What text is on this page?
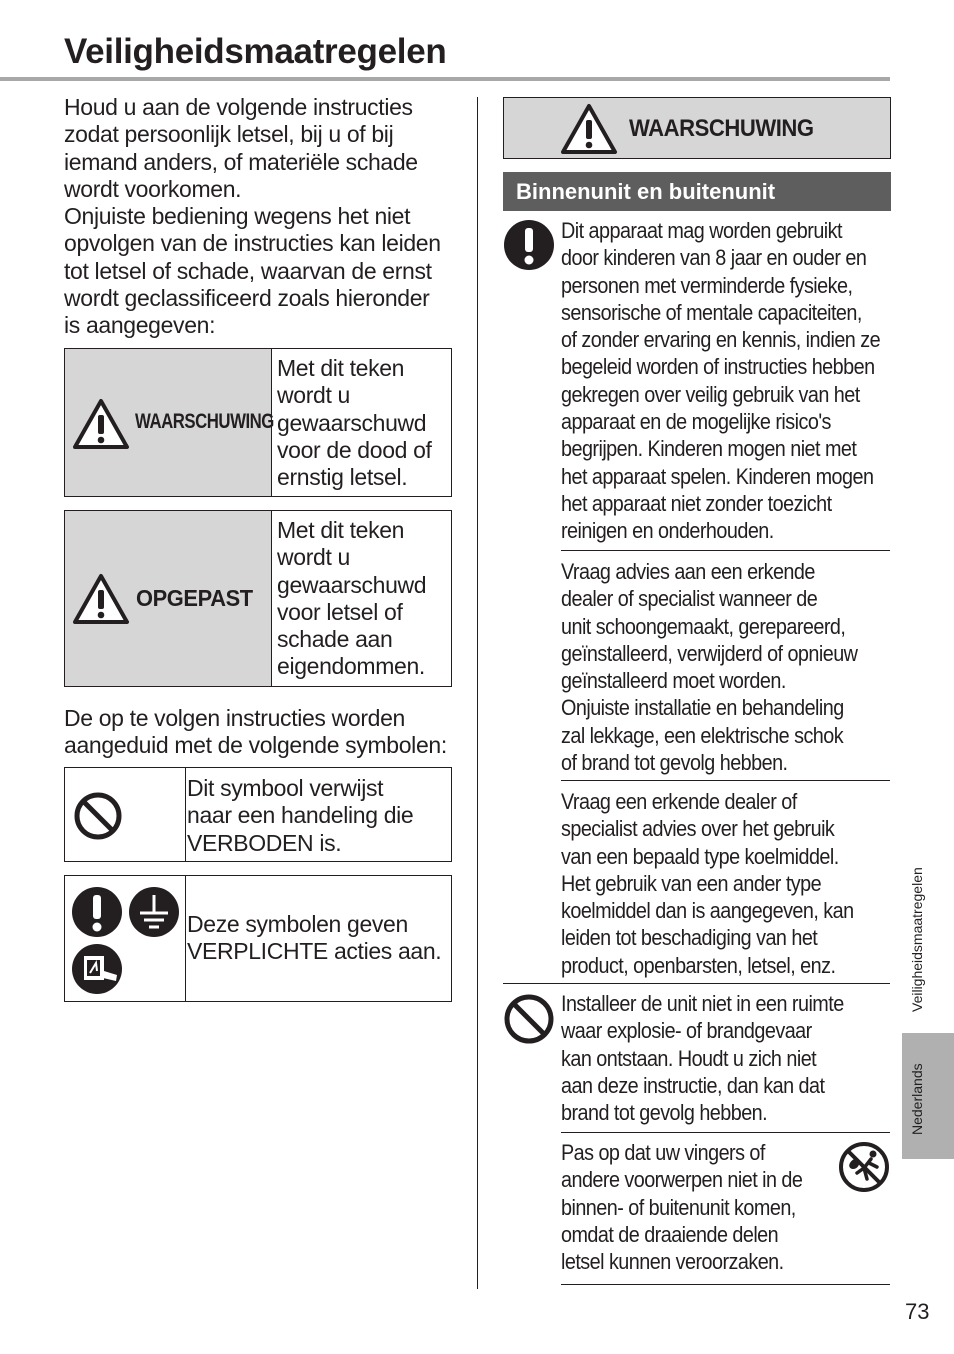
Veiligheidsmaatregelen
Houd u aan de volgende instructies
zodat persoonlijk letsel, bij u of bij
iemand anders, of materiële schade
wordt voorkomen.
Onjuiste bediening wegens het niet
opvolgen van de instructies kan leiden
tot letsel of schade, waarvan de ernst
wordt geclassificeerd zoals hieronder
is aangegeven:
WAARSCHUWING
Met dit teken
wordt u
gewaarschuwd
voor de dood of
ernstig letsel.
OPGEPAST
Met dit teken
wordt u
gewaarschuwd
voor letsel of
schade aan
eigendommen.
De op te volgen instructies worden
aangeduid met de volgende symbolen:
Dit symbool verwijst
naar een handeling die
VERBODEN is.
Deze symbolen geven
VERPLICHTE acties aan.
WAARSCHUWING
Binnenunit en buitenunit
Dit apparaat mag worden gebruikt
door kinderen van 8 jaar en ouder en
personen met verminderde fysieke,
sensorische of mentale capaciteiten,
of zonder ervaring en kennis, indien ze
begeleid worden of instructies hebben
gekregen over veilig gebruik van het
apparaat en de mogelijke risico's
begrijpen. Kinderen mogen niet met
het apparaat spelen. Kinderen mogen
het apparaat niet zonder toezicht
reinigen en onderhouden.
Vraag advies aan een erkende
dealer of specialist wanneer de
unit schoongemaakt, gerepareerd,
geïnstalleerd, verwijderd of opnieuw
geïnstalleerd moet worden.
Onjuiste installatie en behandeling
zal lekkage, een elektrische schok
of brand tot gevolg hebben.
Vraag een erkende dealer of
specialist advies over het gebruik
van een bepaald type koelmiddel.
Het gebruik van een ander type
koelmiddel dan is aangegeven, kan
leiden tot beschadiging van het
product, openbarsten, letsel, enz.
Installeer de unit niet in een ruimte
waar explosie- of brandgevaar
kan ontstaan. Houdt u zich niet
aan deze instructie, dan kan dat
brand tot gevolg hebben.
Pas op dat uw vingers of
andere voorwerpen niet in de
binnen- of buitenunit komen,
omdat de draaiende delen
letsel kunnen veroorzaken.
Veiligheidsmaatregelen
Nederlands
73
